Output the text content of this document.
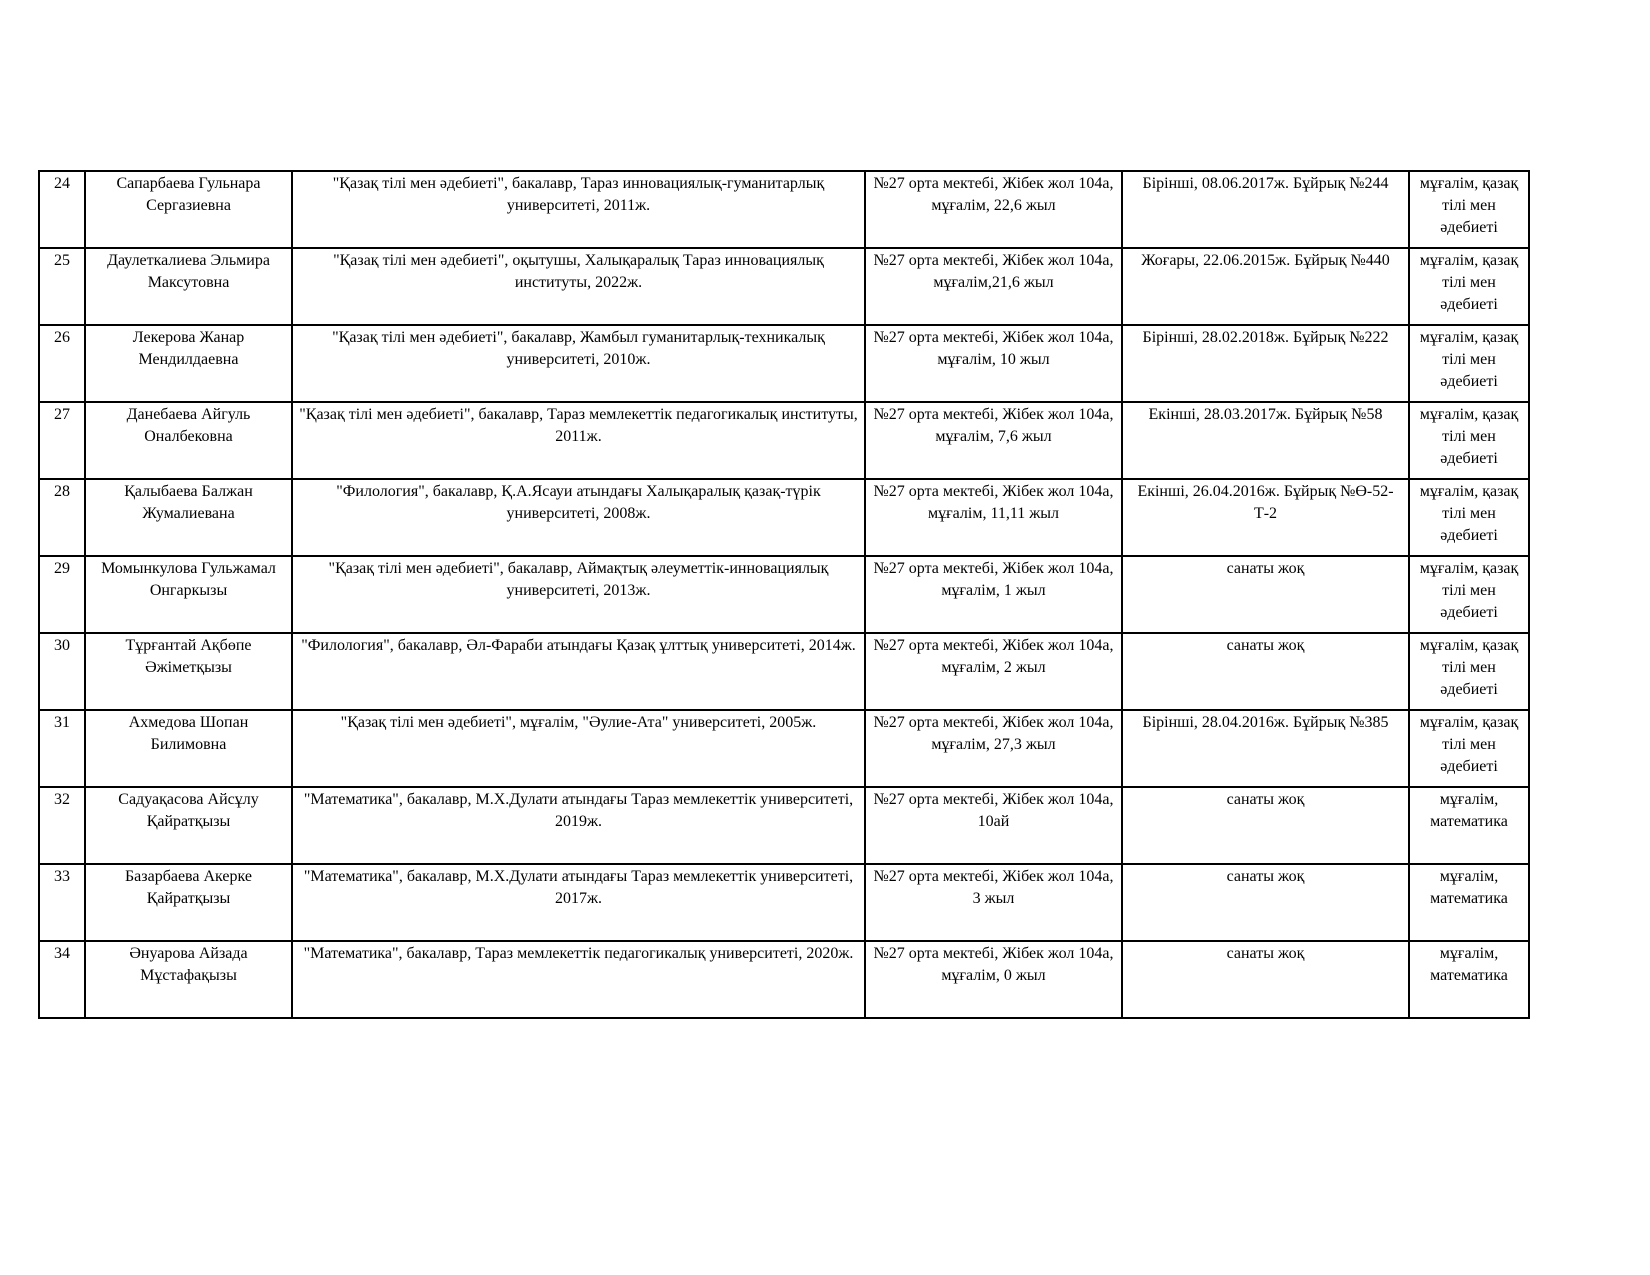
24	Сапарбаева Гульнара Сергазиевна	"Қазақ тілі мен әдебиеті", бакалавр, Тараз инновациялық-гуманитарлық университеті, 2011ж.	№27 орта мектебі, Жібек жол 104а, мұғалім, 22,6 жыл	Бірінші, 08.06.2017ж. Бұйрық №244	мұғалім, қазақ тілі мен әдебиеті
25	Даулеткалиева Эльмира Максутовна	"Қазақ тілі мен әдебиеті", оқытушы, Халықаралық Тараз инновациялық институты, 2022ж.	№27 орта мектебі, Жібек жол 104а, мұғалім,21,6 жыл	Жоғары, 22.06.2015ж. Бұйрық №440	мұғалім, қазақ тілі мен әдебиеті
26	Лекерова Жанар Мендилдаевна	"Қазақ тілі мен әдебиеті", бакалавр, Жамбыл гуманитарлық-техникалық университеті, 2010ж.	№27 орта мектебі, Жібек жол 104а, мұғалім, 10 жыл	Бірінші, 28.02.2018ж. Бұйрық №222	мұғалім, қазақ тілі мен әдебиеті
27	Данебаева Айгуль Оналбековна	"Қазақ тілі мен әдебиеті", бакалавр, Тараз мемлекеттік педагогикалық институты, 2011ж.	№27 орта мектебі, Жібек жол 104а, мұғалім, 7,6 жыл	Екінші, 28.03.2017ж. Бұйрық №58	мұғалім, қазақ тілі мен әдебиеті
28	Қалыбаева Балжан Жумалиевана	"Филология", бакалавр, Қ.А.Ясауи атындағы Халықаралық қазақ-түрік университеті, 2008ж.	№27 орта мектебі, Жібек жол 104а, мұғалім, 11,11 жыл	Екінші, 26.04.2016ж. Бұйрық №Ө-52-Т-2	мұғалім, қазақ тілі мен әдебиеті
29	Момынкулова Гульжамал Онгаркызы	"Қазақ тілі мен әдебиеті", бакалавр, Аймақтық әлеуметтік-инновациялық университеті, 2013ж.	№27 орта мектебі, Жібек жол 104а, мұғалім, 1 жыл	санаты жоқ	мұғалім, қазақ тілі мен әдебиеті
30	Тұрғантай Ақбөпе Әжіметқызы	"Филология", бакалавр, Әл-Фараби атындағы Қазақ ұлттық университеті, 2014ж.	№27 орта мектебі, Жібек жол 104а, мұғалім, 2 жыл	санаты жоқ	мұғалім, қазақ тілі мен әдебиеті
31	Ахмедова Шопан Билимовна	"Қазақ тілі мен әдебиеті", мұғалім, "Әулие-Ата" университеті, 2005ж.	№27 орта мектебі, Жібек жол 104а, мұғалім, 27,3 жыл	Бірінші, 28.04.2016ж. Бұйрық №385	мұғалім, қазақ тілі мен әдебиеті
32	Садуақасова Айсұлу Қайратқызы	"Математика", бакалавр, М.Х.Дулати атындағы Тараз мемлекеттік университеті, 2019ж.	№27 орта мектебі, Жібек жол 104а, 10ай	санаты жоқ	мұғалім, математика
33	Базарбаева Акерке Қайратқызы	"Математика", бакалавр, М.Х.Дулати атындағы Тараз мемлекеттік университеті, 2017ж.	№27 орта мектебі, Жібек жол 104а, 3 жыл	санаты жоқ	мұғалім, математика
34	Әнуарова Айзада Мұстафақызы	"Математика", бакалавр, Тараз мемлекеттік педагогикалық университеті, 2020ж.	№27 орта мектебі, Жібек жол 104а, мұғалім, 0 жыл	санаты жоқ	мұғалім, математика
